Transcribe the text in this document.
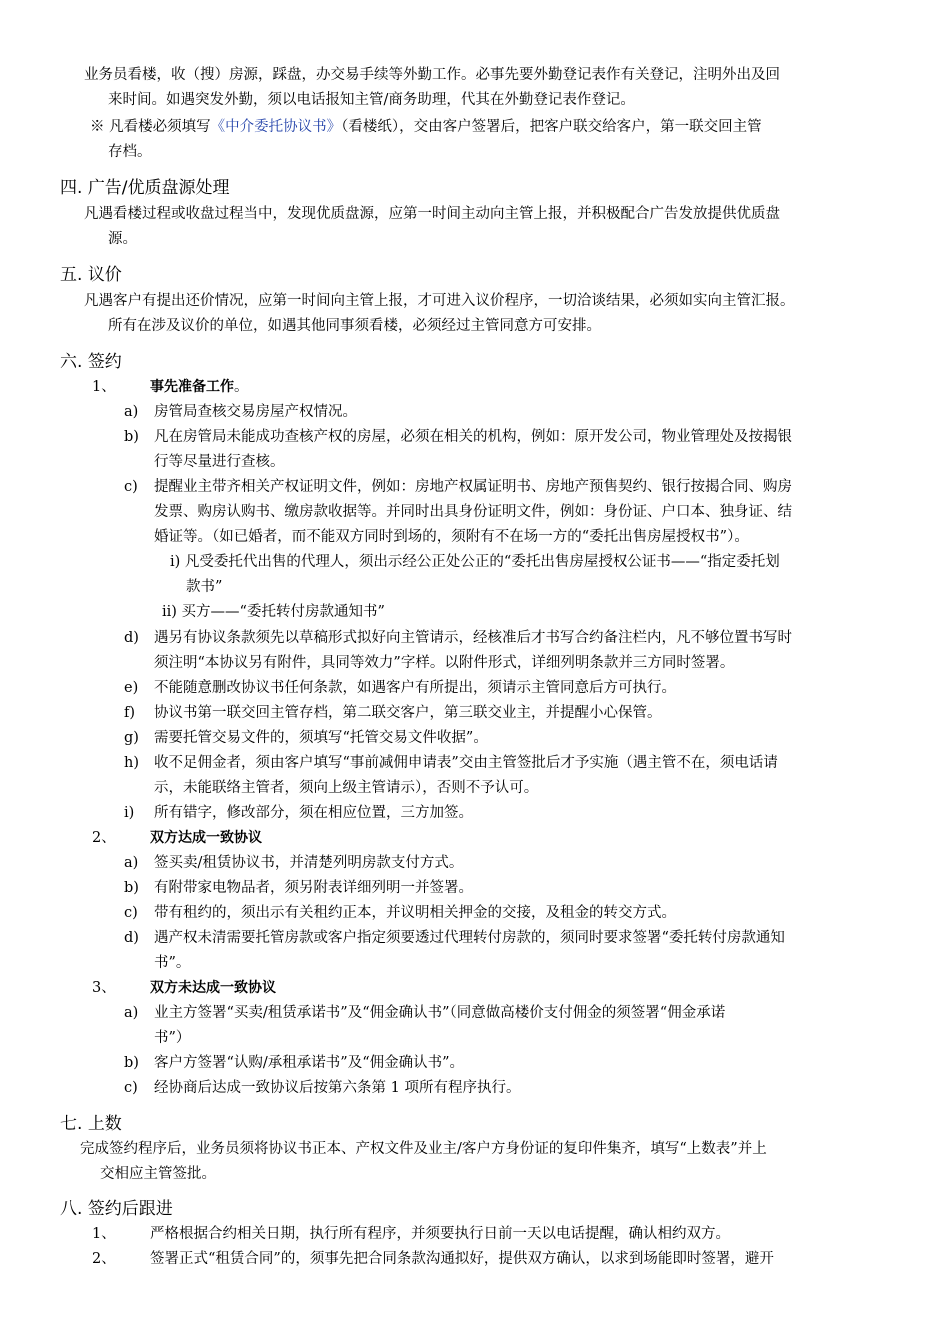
业务员看楼，收（搜）房源，踩盘，办交易手续等外勤工作。必事先要外勤登记表作有关登记，注明外出及回
来时间。如遇突发外勤，须以电话报知主管/商务助理，代其在外勤登记表作登记。
※ 凡看楼必须填写《中介委托协议书》（看楼纸），交由客户签署后，把客户联交给客户，第一联交回主管
存档。
四. 广告/优质盘源处理
凡遇看楼过程或收盘过程当中，发现优质盘源，应第一时间主动向主管上报，并积极配合广告发放提供优质盘
源。
五. 议价
凡遇客户有提出还价情况，应第一时间向主管上报，才可进入议价程序，一切洽谈结果，必须如实向主管汇报。
所有在涉及议价的单位，如遇其他同事须看楼，必须经过主管同意方可安排。
六. 签约
1、 事先准备工作。
a) 房管局查核交易房屋产权情况。
b) 凡在房管局未能成功查核产权的房屋，必须在相关的机构，例如：原开发公司，物业管理处及按揭银
行等尽量进行查核。
c) 提醒业主带齐相关产权证明文件，例如：房地产权属证明书、房地产预售契约、银行按揭合同、购房
发票、购房认购书、缴房款收据等。并同时出具身份证明文件，例如：身份证、户口本、独身证、结
婚证等。（如已婚者，而不能双方同时到场的，须附有不在场一方的“委托出售房屋授权书”）。
i) 凡受委托代出售的代理人，须出示经公正处公正的“委托出售房屋授权公证书——“指定委托划
款书”
ii) 买方——“委托转付房款通知书”
d) 遇另有协议条款须先以草稿形式拟好向主管请示，经核准后才书写合约备注栏内，凡不够位置书写时
须注明“本协议另有附件，具同等效力”字样。以附件形式，详细列明条款并三方同时签署。
e) 不能随意删改协议书任何条款，如遇客户有所提出，须请示主管同意后方可执行。
f) 协议书第一联交回主管存档，第二联交客户，第三联交业主，并提醒小心保管。
g) 需要托管交易文件的，须填写“托管交易文件收据”。
h) 收不足佣金者，须由客户填写“事前减佣申请表”交由主管签批后才予实施（遇主管不在，须电话请
示，未能联络主管者，须向上级主管请示），否则不予认可。
i) 所有错字，修改部分，须在相应位置，三方加签。
2、 双方达成一致协议
a) 签买卖/租赁协议书，并清楚列明房款支付方式。
b) 有附带家电物品者，须另附表详细列明一并签署。
c) 带有租约的，须出示有关租约正本，并议明相关押金的交接，及租金的转交方式。
d) 遇产权未清需要托管房款或客户指定须要透过代理转付房款的，须同时要求签署“委托转付房款通知
书”。
3、 双方未达成一致协议
a) 业主方签署“买卖/租赁承诺书”及“佣金确认书”（同意做高楼价支付佣金的须签署“佣金承诺
书”）
b) 客户方签署“认购/承租承诺书”及“佣金确认书”。
c) 经协商后达成一致协议后按第六条第 1 项所有程序执行。
七. 上数
完成签约程序后，业务员须将协议书正本、产权文件及业主/客户方身份证的复印件集齐，填写“上数表”并上
交相应主管签批。
八. 签约后跟进
1、 严格根据合约相关日期，执行所有程序，并须要执行日前一天以电话提醒，确认相约双方。
2、 签署正式“租赁合同”的，须事先把合同条款沟通拟好，提供双方确认，以求到场能即时签署，避开
